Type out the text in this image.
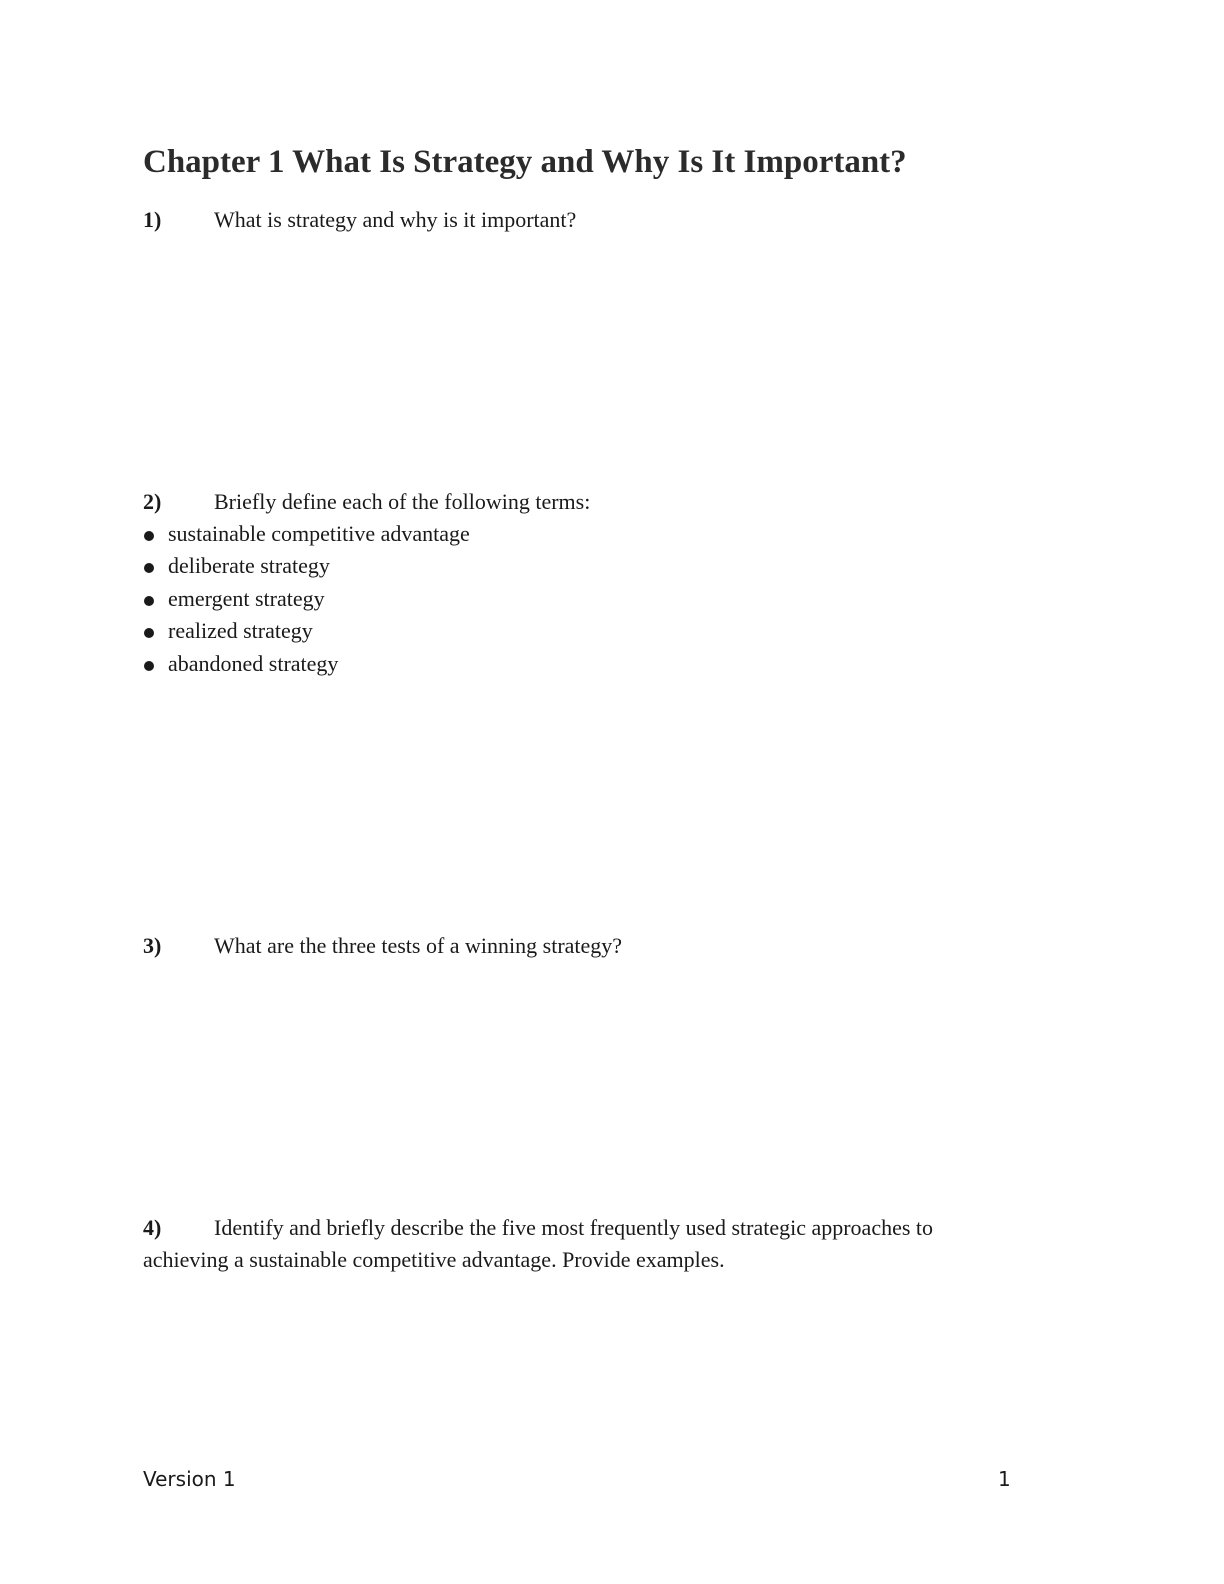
Chapter 1 What Is Strategy and Why Is It Important?
1) What is strategy and why is it important?
2) Briefly define each of the following terms:
sustainable competitive advantage
deliberate strategy
emergent strategy
realized strategy
abandoned strategy
3) What are the three tests of a winning strategy?

4) Identify and briefly describe the five most frequently used strategic approaches to achieving a sustainable competitive advantage. Provide examples.

Version 1	1
